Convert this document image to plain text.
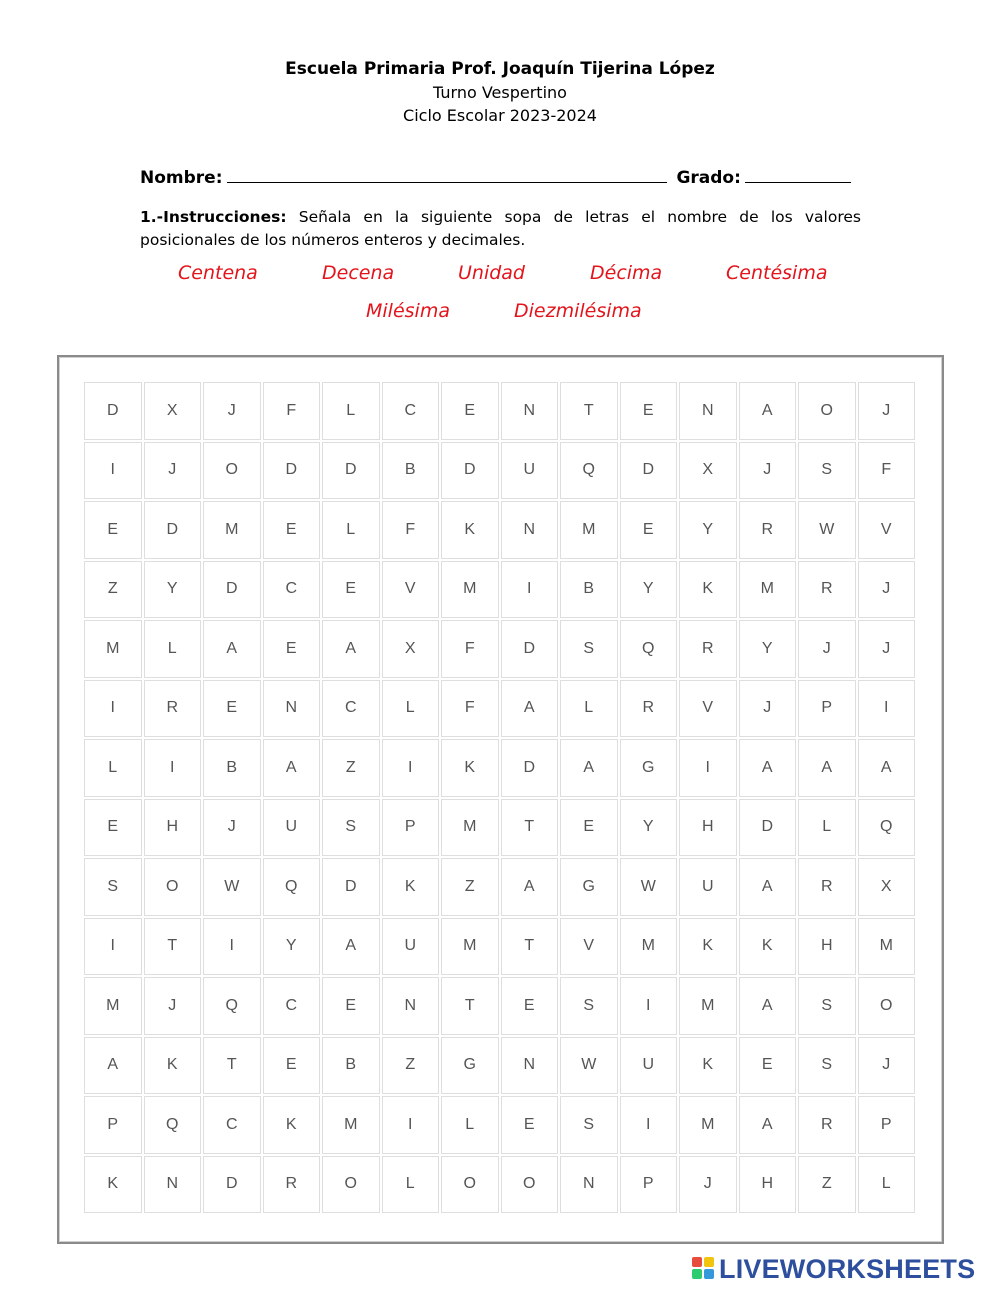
Escuela Primaria Prof. Joaquín Tijerina López
Turno Vespertino
Ciclo Escolar 2023-2024
Nombre:	Grado:
1.-Instrucciones: Señala en la siguiente sopa de letras el nombre de los valores posicionales de los números enteros y decimales.
Centena	Decena	Unidad	Décima	Centésima
Milésima	Diezmilésima
D	X	J	F	L	C	E	N	T	E	N	A	O	J
I	J	O	D	D	B	D	U	Q	D	X	J	S	F
E	D	M	E	L	F	K	N	M	E	Y	R	W	V
Z	Y	D	C	E	V	M	I	B	Y	K	M	R	J
M	L	A	E	A	X	F	D	S	Q	R	Y	J	J
I	R	E	N	C	L	F	A	L	R	V	J	P	I
L	I	B	A	Z	I	K	D	A	G	I	A	A	A
E	H	J	U	S	P	M	T	E	Y	H	D	L	Q
S	O	W	Q	D	K	Z	A	G	W	U	A	R	X
I	T	I	Y	A	U	M	T	V	M	K	K	H	M
M	J	Q	C	E	N	T	E	S	I	M	A	S	O
A	K	T	E	B	Z	G	N	W	U	K	E	S	J
P	Q	C	K	M	I	L	E	S	I	M	A	R	P
K	N	D	R	O	L	O	O	N	P	J	H	Z	L
LIVEWORKSHEETS
